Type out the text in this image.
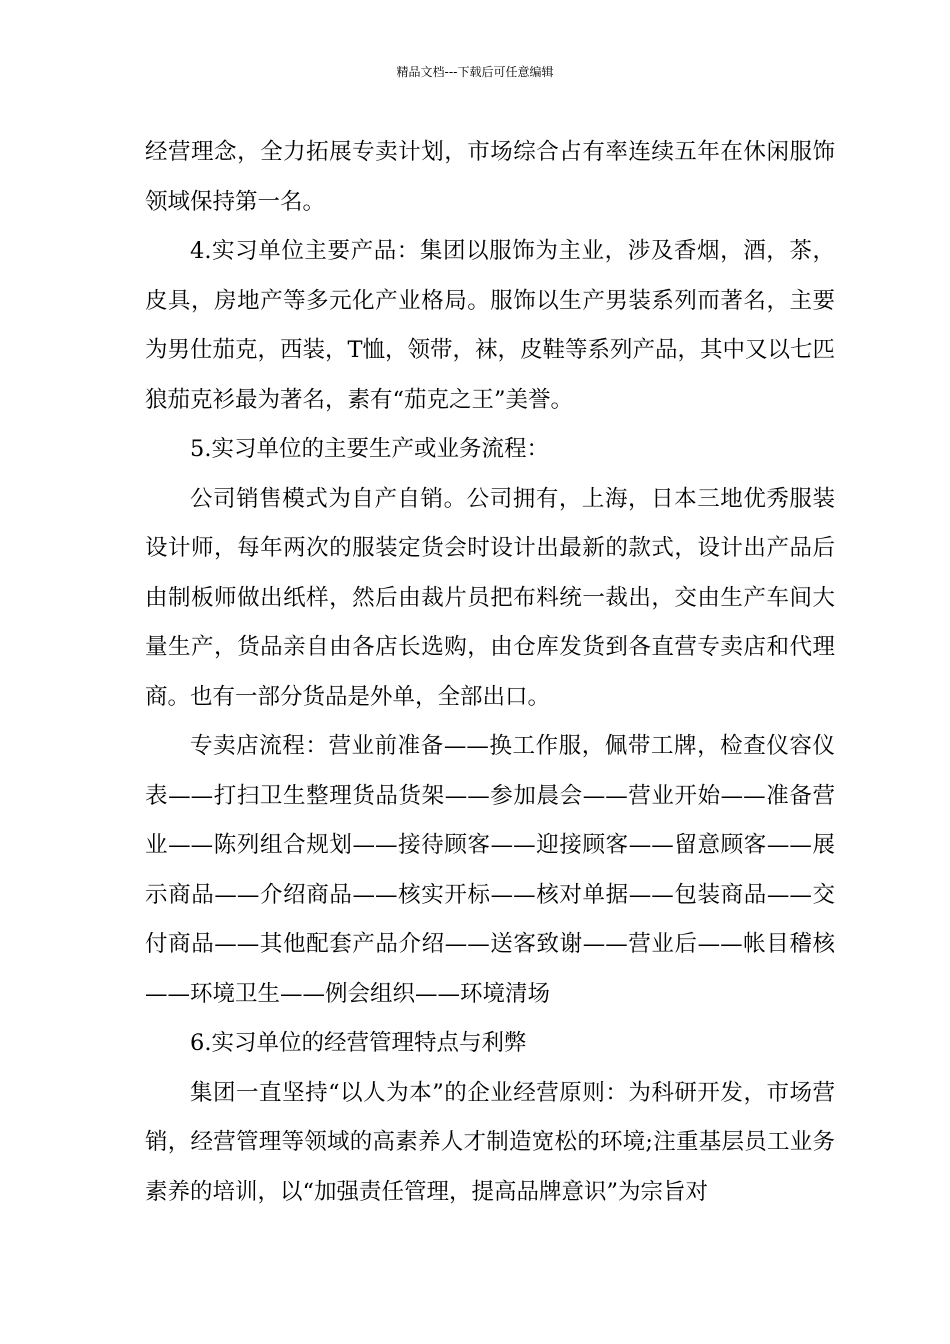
精品文档---下载后可任意编辑

经营理念，全力拓展专卖计划，市场综合占有率连续五年在休闲服饰领域保持第一名。

4.实习单位主要产品：集团以服饰为主业，涉及香烟，酒，茶，皮具，房地产等多元化产业格局。服饰以生产男装系列而著名，主要为男仕茄克，西装，T恤，领带，袜，皮鞋等系列产品，其中又以七匹狼茄克衫最为著名，素有“茄克之王”美誉。

5.实习单位的主要生产或业务流程：

公司销售模式为自产自销。公司拥有，上海，日本三地优秀服装设计师，每年两次的服装定货会时设计出最新的款式，设计出产品后由制板师做出纸样，然后由裁片员把布料统一裁出，交由生产车间大量生产，货品亲自由各店长选购，由仓库发货到各直营专卖店和代理商。也有一部分货品是外单，全部出口。

专卖店流程：营业前准备——换工作服，佩带工牌，检查仪容仪表——打扫卫生整理货品货架——参加晨会——营业开始——准备营业——陈列组合规划——接待顾客——迎接顾客——留意顾客——展示商品——介绍商品——核实开标——核对单据——包装商品——交付商品——其他配套产品介绍——送客致谢——营业后——帐目稽核——环境卫生——例会组织——环境清场

6.实习单位的经营管理特点与利弊

集团一直坚持“以人为本”的企业经营原则：为科研开发，市场营销，经营管理等领域的高素养人才制造宽松的环境;注重基层员工业务素养的培训，以“加强责任管理，提高品牌意识”为宗旨对
